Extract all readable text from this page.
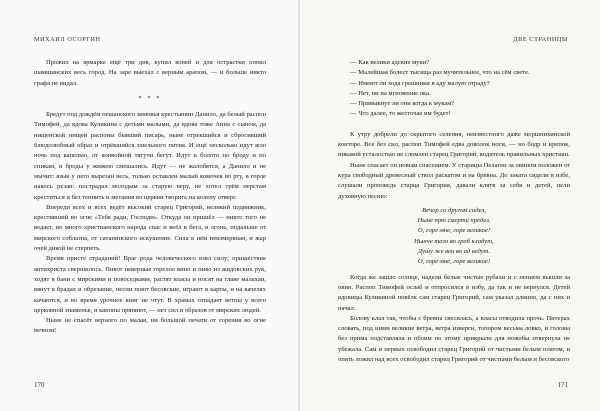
МИХАИЛ ОСОРГИН

Прожил на ярмарке ещё три дня, купил коней и для острастки опоил шамшинских весь город. На заре выехал с верным арапом, — и больше никто графа не видал.

* * *

Бредут под дождём пешанского зимовья крестьянин Данило, да белый распоп Тимофей, да вдова Куликина с детьми малыми, да вдова тоже Анна с сыном, да нищенской нищей распоны бывший писарь, ныне отрекшийся и сбросивший блюдолюбный образ и отрёкшийся хмельного пития. И ещё несколько идут всю ночь под капелью, от конвойной тягучи бегут. Идут в болото по броду и по сникам, и броды у жижею смешались. Идут — не жалобятся, а Данило и не мычит: язык у него вырезан весь, только оставлен малый комочек во рту, в горле накось резан: пострадал молодым за старую веру, не хотел трём перстам креститься и без теннить и метания во церкви творить на колену отверг.

Впереди всех и всех ведёт высокий старец Григорий, великий подвижник, крестивший во огне «Тебя ради, Господи». Откуда он пришёл — никто того не ведает, но много христианского народа спас и веёл в бега, в огонь, подальше от мирского соблазна, от сатанинского искушение. Сила в нём неизмеряная, и жар очей дикой не стерпеть.

Время присте страданий! Враг рода человеческого взял силу; пришествие антихриста свершилось. Пивот неверные горелое вино и пиво из жидовских рук, ходят в бани с мирскими и повоседками, растят власы и носят на главе малахаи, вянут в брадах и обрезание, песни поют бесовские, играют в карты, и на качелях качаются, и во время урочное книг не чтут. В храмах отпадает ветпы у всего церковной знаменье, и каноны пряниют, — нет сил и образов от мирских людей.

Ныне не спасёт верного по малая, ни большой печати от горения во огне вечном!

170
ДВЕ СТРАНИЦЫ

— Как велики адские муки?

— Малейшая болест тысяща раз мучительнее, что на сём свете.

— Имеют ли хода грешники в аду малую отраду?

— Нет, ни на мгновение ока.

— Привыкнут ли они когда к мукам?

— Что далее, то жесточае им будет!

К утру добрели до скрытого селения, неизвестного даже моршнихинской конторе. Все без сил, распоп Тимофей едва доволок ноги, — но бодр и крепок, никакой усталостью не сломлен старец Григорий, водитель правильных христиан.

Ныне спасает он новым спасением. У старицы Пелагеи за овином положен от кура свободный древесный ствол раскатом и на бревна. До заката сидели в избе, слушали проповедь старца Григория, давали клятв за себя и детей, пели духовную песню:

Вечор со другом сидел,
Ныне прю смерти предел.
О, горе мне, горе великое!
Нынче тело во гроб кладут,
Душу же вен во ад ведут.
О, горе мне, горе великое!

Когда же зашло солнце, надели белые чистые рубахи и с пением вышли за овин. Распоп Тимофей ослаб и отпросился в избу, да так и не вернулся. Детей вдовицы Куликиной повёлк сам старец Григорий, сам указал длинно, да с них и начал.

Болову клал так, чтобы с бревна свесилась, а власы отводила прочь. Питерах словать, под ними великие ветра, ветра изверги, топором весьма ловко, и головы без прима подставляла и обоим по этому прикрыли для ножобы отвернула не убежала. Сам и первых освободил старец Григорий от чистыми белым платом, и опять ложил над всех освободил старец Григорий от чистыми белым и бесовского

171
